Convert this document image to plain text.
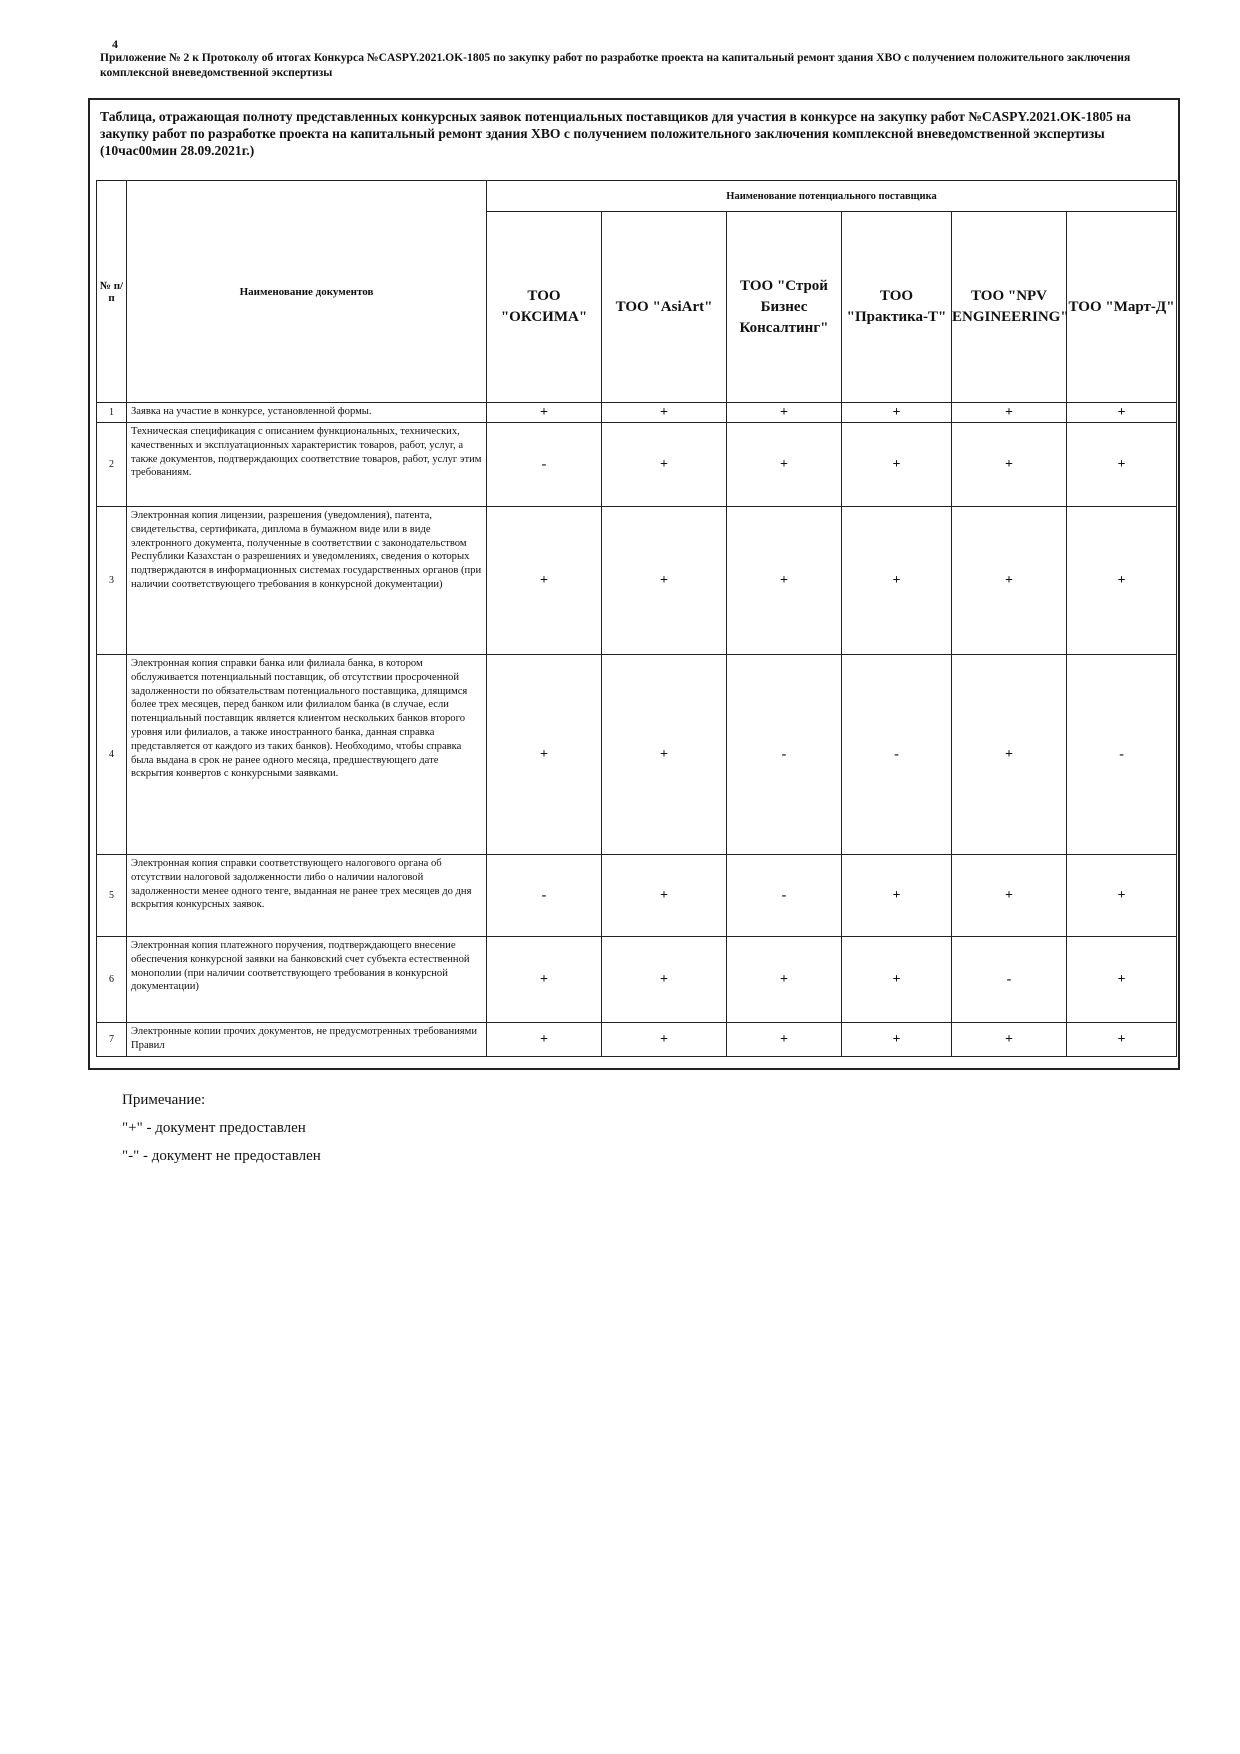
4
Приложение № 2 к Протоколу об итогах Конкурса №CASPY.2021.OK-1805 по закупку работ по разработке проекта на капитальный ремонт здания ХВО с получением положительного заключения комплексной вневедомственной экспертизы
Таблица, отражающая полноту представленных конкурсных заявок потенциальных поставщиков для участия в конкурсе на закупку работ №CASPY.2021.OK-1805 на закупку работ по разработке проекта на капитальный ремонт здания ХВО с получением положительного заключения комплексной вневедомственной экспертизы (10час00мин 28.09.2021г.)
№ п/п	Наименование документов	Наименование потенциального поставщика					
		ТОО "ОКСИМА"	ТОО "AsiArt"	ТОО "Строй Бизнес Консалтинг"	ТОО "Практика-Т"	ТОО "NPV ENGINEERING"	ТОО "Март-Д"
1	Заявка на участие в конкурсе, установленной формы.	+	+	+	+	+	+
2	Техническая спецификация с описанием функциональных, технических, качественных и эксплуатационных характеристик товаров, работ, услуг, а также документов, подтверждающих соответствие товаров, работ, услуг этим требованиям.	-	+	+	+	+	+
3	Электронная копия лицензии, разрешения (уведомления), патента, свидетельства, сертификата, диплома в бумажном виде или в виде электронного документа, полученные в соответствии с законодательством Республики Казахстан о разрешениях и уведомлениях, сведения о которых подтверждаются в информационных системах государственных органов (при наличии соответствующего требования в конкурсной документации)	+	+	+	+	+	+
4	Электронная копия справки банка или филиала банка, в котором обслуживается потенциальный поставщик, об отсутствии просроченной задолженности по обязательствам потенциального поставщика, длящимся более трех месяцев, перед банком или филиалом банка (в случае, если потенциальный поставщик является клиентом нескольких банков второго уровня или филиалов, а также иностранного банка, данная справка представляется от каждого из таких банков). Необходимо, чтобы справка была выдана в срок не ранее одного месяца, предшествующего дате вскрытия конвертов с конкурсными заявками.	+	+	-	-	+	-
5	Электронная копия справки соответствующего налогового органа об отсутствии налоговой задолженности либо о наличии налоговой задолженности менее одного тенге, выданная не ранее трех месяцев до дня вскрытия конкурсных заявок.	-	+	-	+	+	+
6	Электронная копия платежного поручения, подтверждающего внесение обеспечения конкурсной заявки на банковский счет субъекта естественной монополии (при наличии соответствующего требования в конкурсной документации)	+	+	+	+	-	+
7	Электронные копии прочих документов, не предусмотренных требованиями Правил	+	+	+	+	+	+
Примечание:
"+" - документ предоставлен
"-" - документ не предоставлен
